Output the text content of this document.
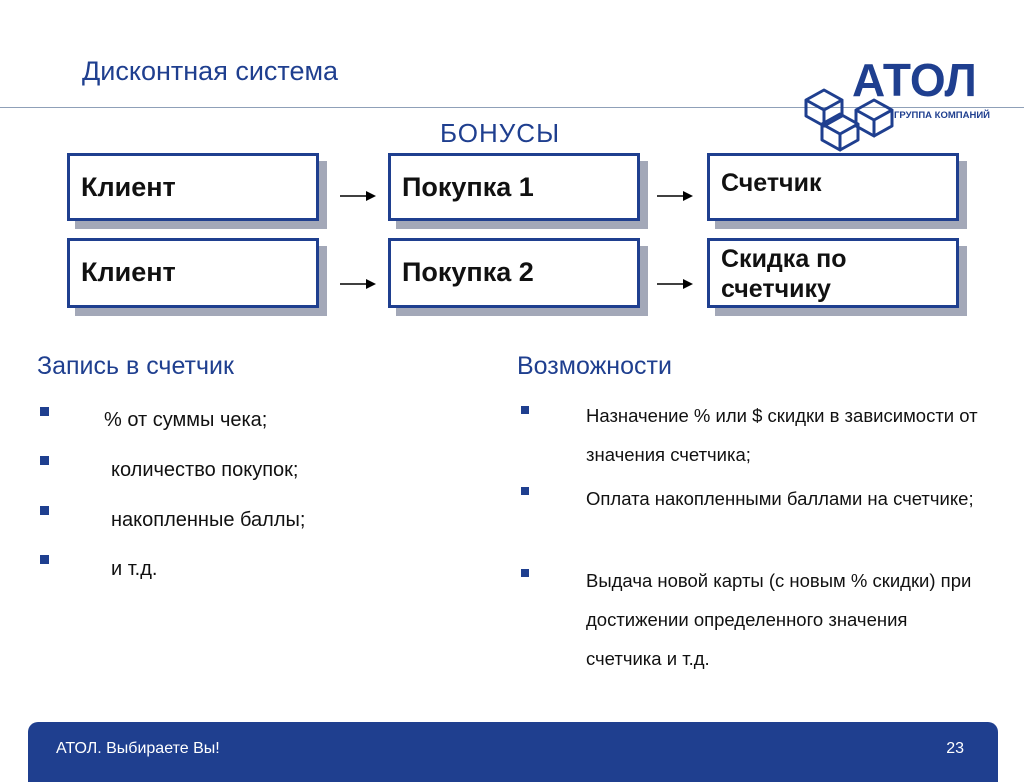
Дисконтная система	АТОЛ
ГРУППА КОМПАНИЙ
БОНУСЫ
Клиент	Покупка 1	Счетчик
Клиент	Покупка 2	Скидка по счетчику
Запись в счетчик
% от суммы чека;
количество покупок;
накопленные баллы;
и т.д.
Возможности
Назначение % или $ скидки в зависимости от значения счетчика;
Оплата накопленными баллами на счетчике;
Выдача новой карты (с новым % скидки) при достижении определенного значения счетчика и т.д.
АТОЛ. Выбираете Вы!	23
